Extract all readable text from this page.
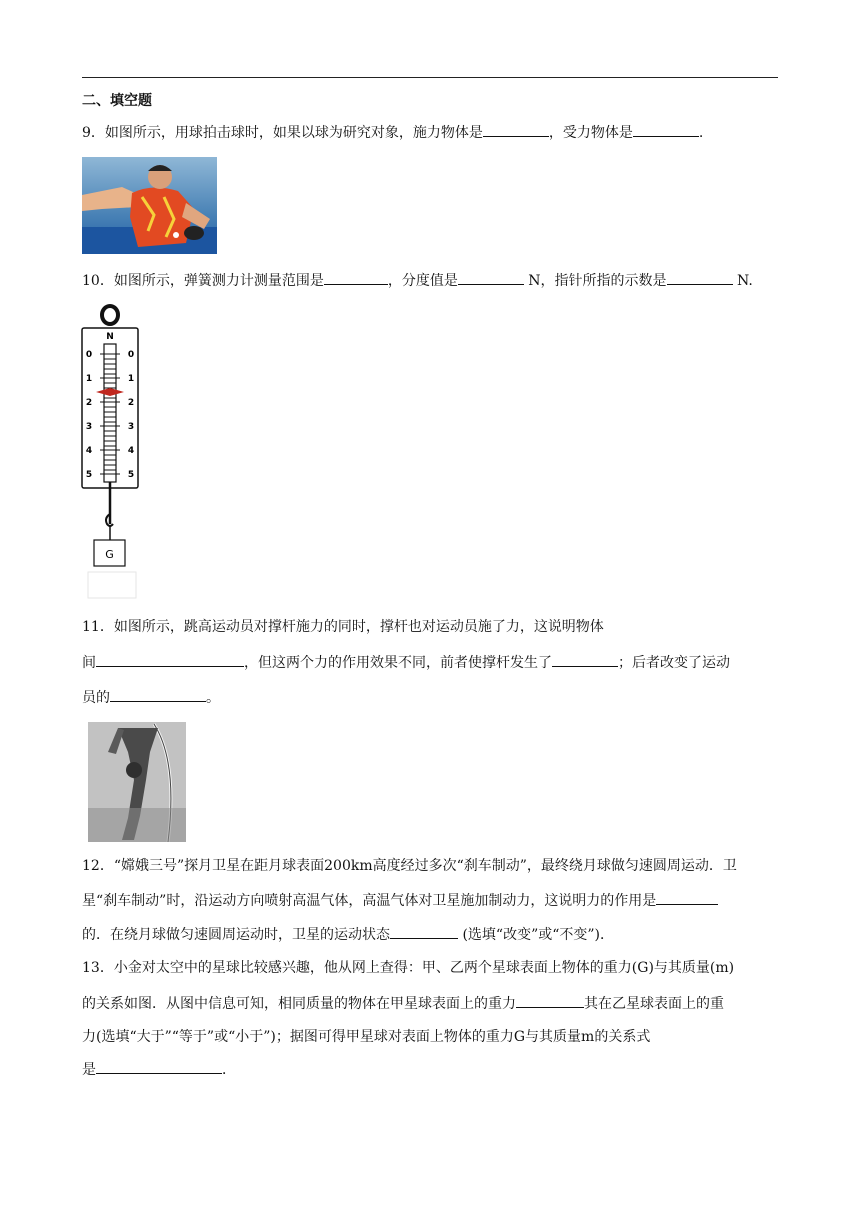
二、填空题
9．如图所示，用球拍击球时，如果以球为研究对象，施力物体是	，受力物体是	.
10．如图所示，弹簧测力计测量范围是	，分度值是	N，指针所指的示数是	N.
N
0	0
1	1
2	2
3	3
4	4
5	5
G
11．如图所示，跳高运动员对撑杆施力的同时，撑杆也对运动员施了力，这说明物体
间	，但这两个力的作用效果不同，前者使撑杆发生了	；后者改变了运动
员的	。
12．“嫦娥三号”探月卫星在距月球表面200km高度经过多次“刹车制动”，最终绕月球做匀速圆周运动．卫
星“刹车制动”时，沿运动方向喷射高温气体，高温气体对卫星施加制动力，这说明力的作用是
的．在绕月球做匀速圆周运动时，卫星的运动状态	(选填“改变”或“不变”)．
13．小金对太空中的星球比较感兴趣，他从网上查得：甲、乙两个星球表面上物体的重力(G)与其质量(m)
的关系如图．从图中信息可知，相同质量的物体在甲星球表面上的重力	其在乙星球表面上的重
力(选填“大于”“等于”或“小于”)；据图可得甲星球对表面上物体的重力G与其质量m的关系式
是	．
